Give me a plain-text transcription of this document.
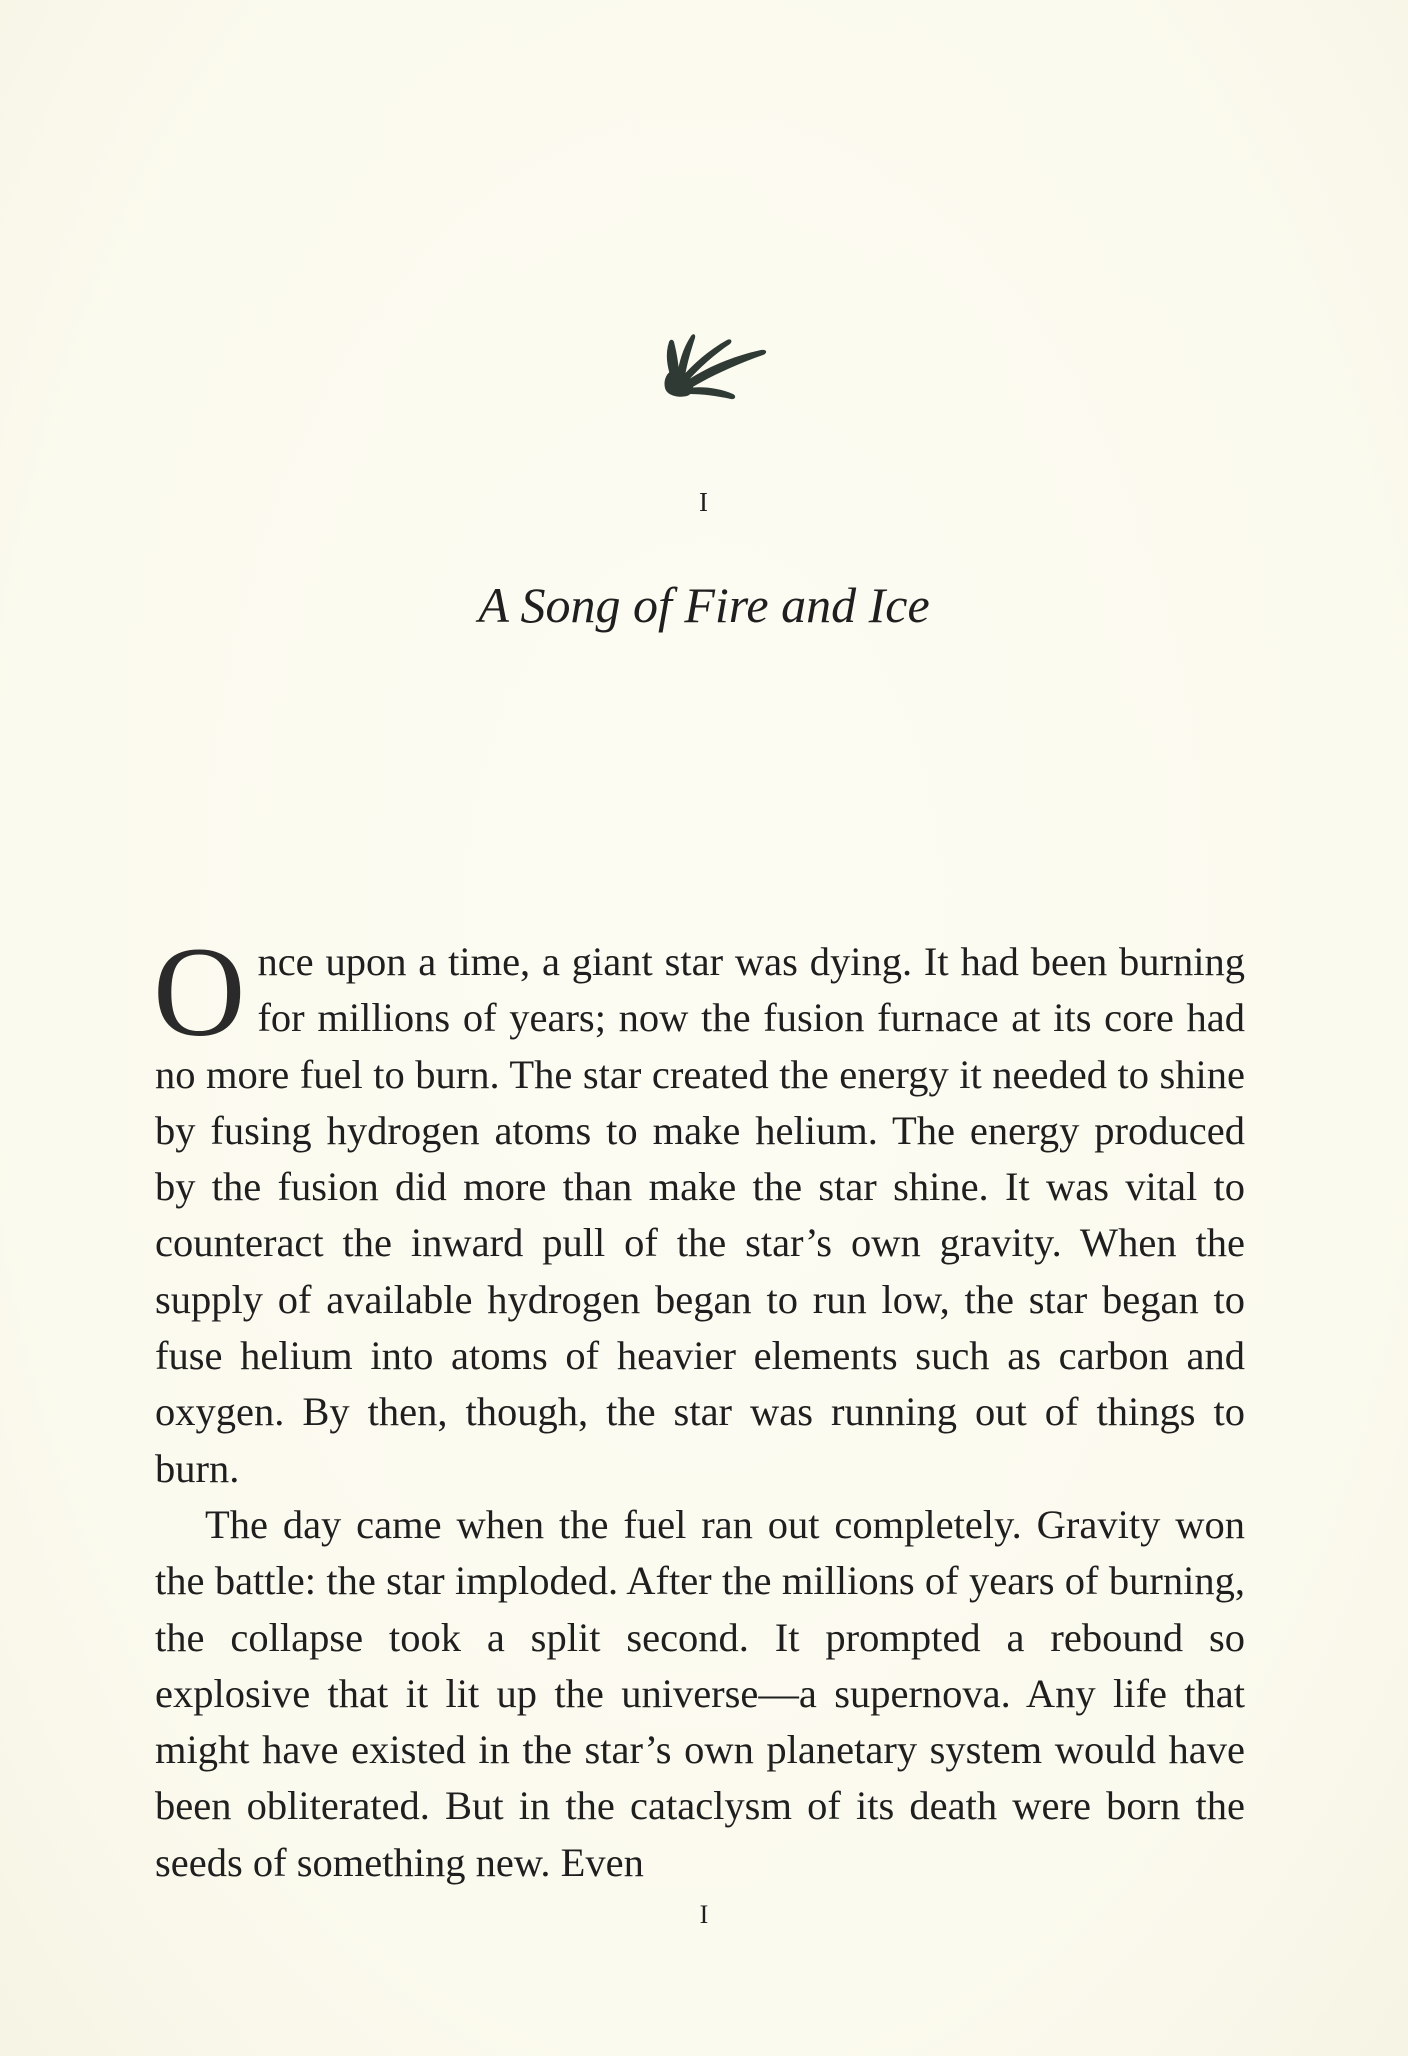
I
A Song of Fire and Ice

Once upon a time, a giant star was dying. It had been burning for millions of years; now the fusion furnace at its core had no more fuel to burn. The star created the energy it needed to shine by fusing hydrogen atoms to make helium. The energy produced by the fusion did more than make the star shine. It was vital to counteract the inward pull of the star’s own gravity. When the supply of available hydrogen began to run low, the star began to fuse helium into atoms of heavier elements such as carbon and oxygen. By then, though, the star was running out of things to burn.

The day came when the fuel ran out completely. Gravity won the battle: the star imploded. After the millions of years of burning, the collapse took a split second. It prompted a rebound so explosive that it lit up the universe—a supernova. Any life that might have existed in the star’s own planetary system would have been obliterated. But in the cataclysm of its death were born the seeds of something new. Even

I
